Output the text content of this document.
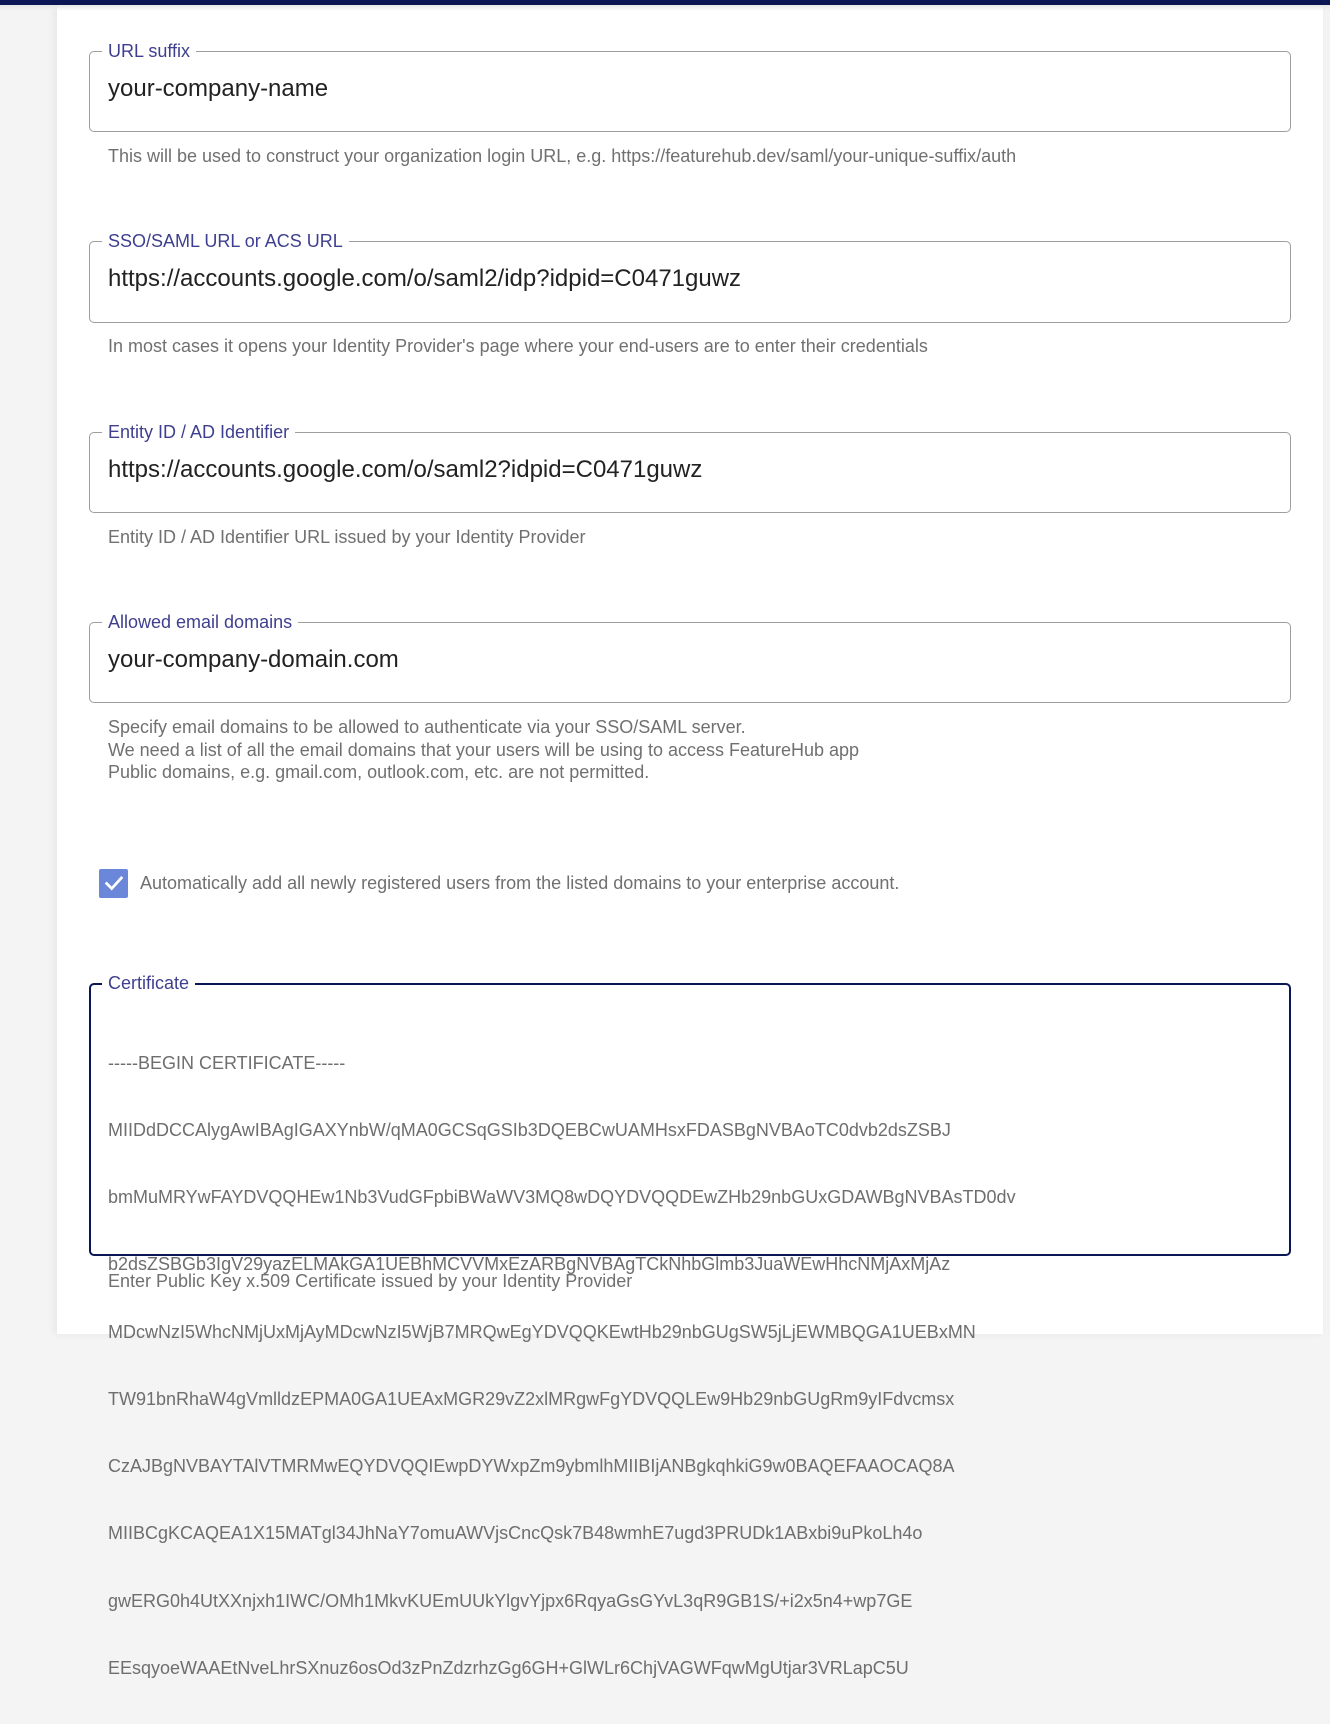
URL suffix
your-company-name
This will be used to construct your organization login URL, e.g. https://featurehub.dev/saml/your-unique-suffix/auth
SSO/SAML URL or ACS URL
https://accounts.google.com/o/saml2/idp?idpid=C0471guwz
In most cases it opens your Identity Provider's page where your end-users are to enter their credentials
Entity ID / AD Identifier
https://accounts.google.com/o/saml2?idpid=C0471guwz
Entity ID / AD Identifier URL issued by your Identity Provider
Allowed email domains
your-company-domain.com
Specify email domains to be allowed to authenticate via your SSO/SAML server.
We need a list of all the email domains that your users will be using to access FeatureHub app
Public domains, e.g. gmail.com, outlook.com, etc. are not permitted.
Automatically add all newly registered users from the listed domains to your enterprise account.
Certificate

-----BEGIN CERTIFICATE-----

MIIDdDCCAlygAwIBAgIGAXYnbW/qMA0GCSqGSIb3DQEBCwUAMHsxFDASBgNVBAoTC0dvb2dsZSBJ

bmMuMRYwFAYDVQQHEw1Nb3VudGFpbiBWaWV3MQ8wDQYDVQQDEwZHb29nbGUxGDAWBgNVBAsTD0dv

b2dsZSBGb3IgV29yazELMAkGA1UEBhMCVVMxEzARBgNVBAgTCkNhbGlmb3JuaWEwHhcNMjAxMjAz

MDcwNzI5WhcNMjUxMjAyMDcwNzI5WjB7MRQwEgYDVQQKEwtHb29nbGUgSW5jLjEWMBQGA1UEBxMN

TW91bnRhaW4gVmlldzEPMA0GA1UEAxMGR29vZ2xlMRgwFgYDVQQLEw9Hb29nbGUgRm9yIFdvcmsx

CzAJBgNVBAYTAlVTMRMwEQYDVQQIEwpDYWxpZm9ybmlhMIIBIjANBgkqhkiG9w0BAQEFAAOCAQ8A

MIIBCgKCAQEA1X15MATgl34JhNaY7omuAWVjsCncQsk7B48wmhE7ugd3PRUDk1ABxbi9uPkoLh4o

gwERG0h4UtXXnjxh1IWC/OMh1MkvKUEmUUkYlgvYjpx6RqyaGsGYvL3qR9GB1S/+i2x5n4+wp7GE

EEsqyoeWAAEtNveLhrSXnuz6osOd3zPnZdzrhzGg6GH+GlWLr6ChjVAGWFqwMgUtjar3VRLapC5U

Enter Public Key x.509 Certificate issued by your Identity Provider
